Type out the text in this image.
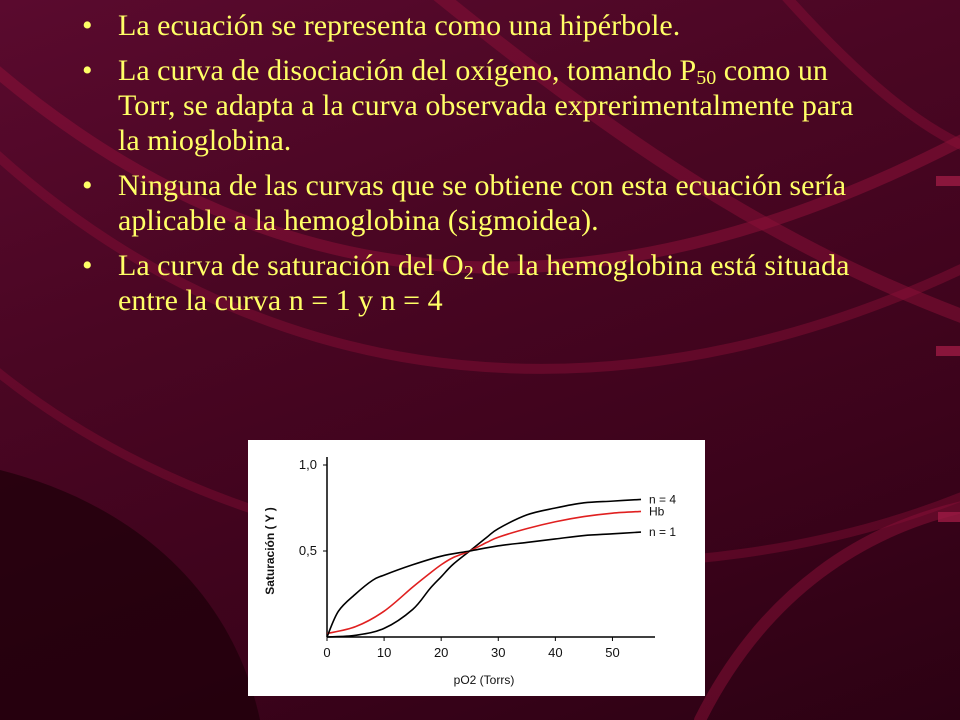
• La ecuación se representa como una hipérbole.
• La curva de disociación del oxígeno, tomando $P_{50}$ como un Torr, se adapta a la curva observada exprerimentalmente para la mioglobina.
• Ninguna de las curvas que se obtiene con esta ecuación sería aplicable a la hemoglobina (sigmoidea).
• La curva de saturación del $O_2$ de la hemoglobina está situada entre la curva n = 1 y n = 4
0	10	20	30	40	50
0,5
1,0
n = 4
Hb
n = 1
pO2 (Torrs)
Saturación ( Y )
